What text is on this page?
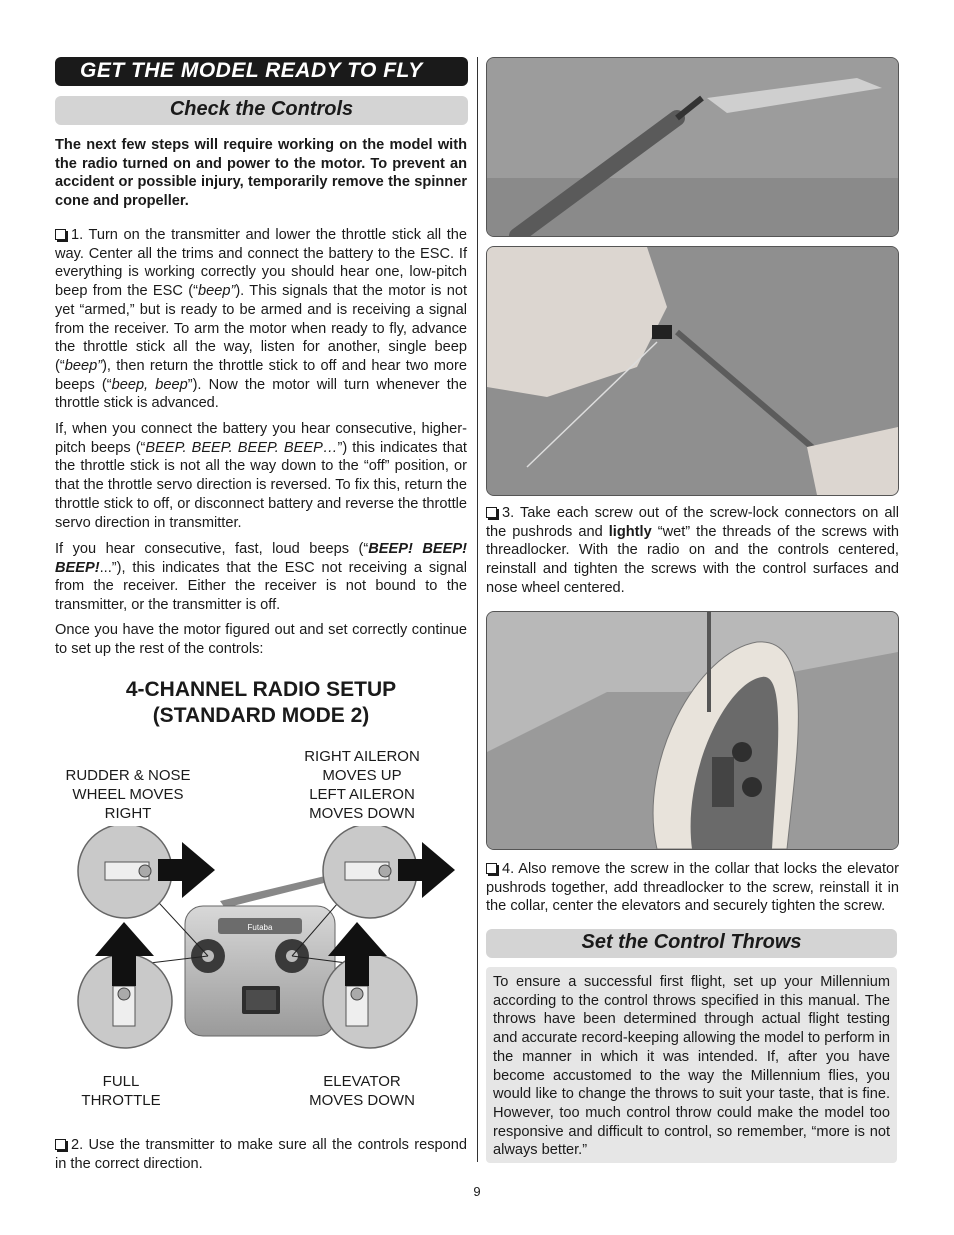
GET THE MODEL READY TO FLY
Check the Controls
The next few steps will require working on the model with the radio turned on and power to the motor. To prevent an accident or possible injury, temporarily remove the spinner cone and propeller.
1. Turn on the transmitter and lower the throttle stick all the way. Center all the trims and connect the battery to the ESC. If everything is working correctly you should hear one, low-pitch beep from the ESC (“beep”). This signals that the motor is not yet “armed,” but is ready to be armed and is receiving a signal from the receiver. To arm the motor when ready to fly, advance the throttle stick all the way, listen for another, single beep (“beep”), then return the throttle stick to off and hear two more beeps (“beep, beep”). Now the motor will turn whenever the throttle stick is advanced.
If, when you connect the battery you hear consecutive, higher-pitch beeps (“BEEP. BEEP. BEEP. BEEP…”) this indicates that the throttle stick is not all the way down to the “off” position, or that the throttle servo direction is reversed. To fix this, return the throttle stick to off, or disconnect battery and reverse the throttle servo direction in transmitter.
If you hear consecutive, fast, loud beeps (“BEEP! BEEP! BEEP!...”), this indicates that the ESC not receiving a signal from the receiver. Either the receiver is not bound to the transmitter, or the transmitter is off.
Once you have the motor figured out and set correctly continue to set up the rest of the controls:
4-CHANNEL RADIO SETUP
(STANDARD MODE 2)
RUDDER & NOSE
WHEEL MOVES
RIGHT
RIGHT AILERON
MOVES UP
LEFT AILERON
MOVES DOWN
FULL
THROTTLE
ELEVATOR
MOVES DOWN
Futaba
2. Use the transmitter to make sure all the controls respond in the correct direction.
3. Take each screw out of the screw-lock connectors on all the pushrods and lightly “wet” the threads of the screws with threadlocker. With the radio on and the controls centered, reinstall and tighten the screws with the control surfaces and nose wheel centered.
4. Also remove the screw in the collar that locks the elevator pushrods together, add threadlocker to the screw, reinstall it in the collar, center the elevators and securely tighten the screw.
Set the Control Throws
To ensure a successful first flight, set up your Millennium according to the control throws specified in this manual. The throws have been determined through actual flight testing and accurate record-keeping allowing the model to perform in the manner in which it was intended. If, after you have become accustomed to the way the Millennium flies, you would like to change the throws to suit your taste, that is fine. However, too much control throw could make the model too responsive and difficult to control, so remember, “more is not always better.”
9
